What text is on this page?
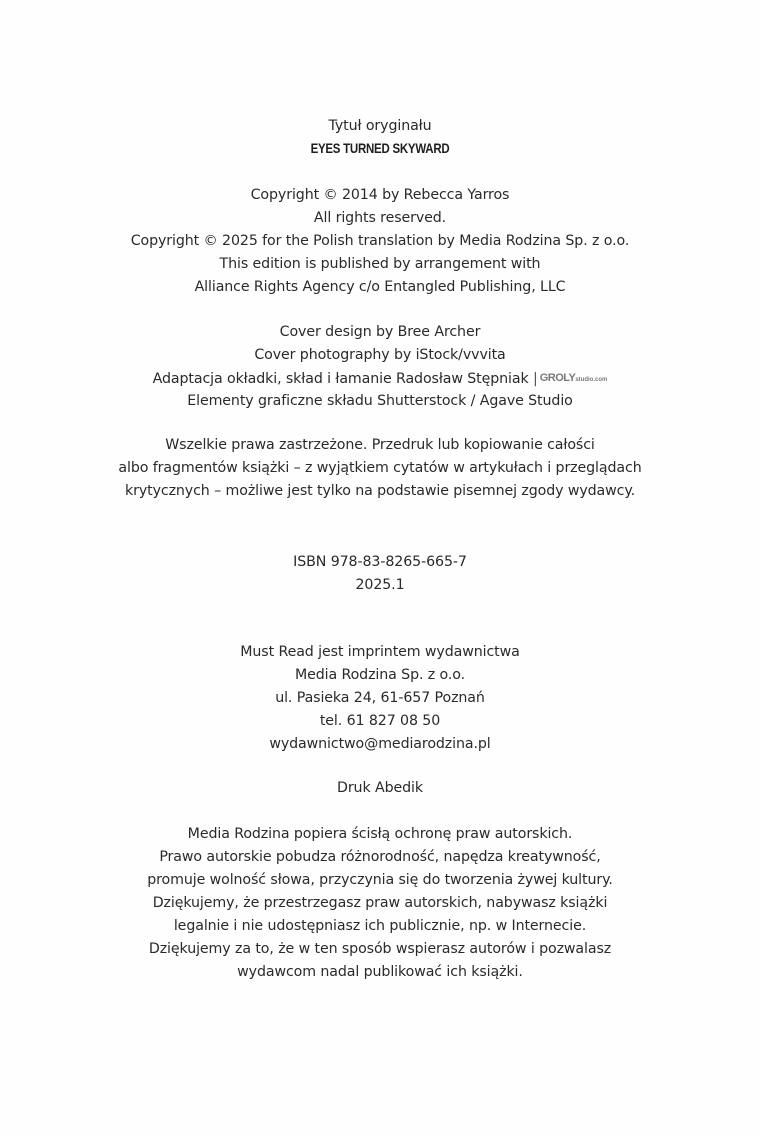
Tytuł oryginału
EYES TURNED SKYWARD
Copyright © 2014 by Rebecca Yarros
All rights reserved.
Copyright © 2025 for the Polish translation by Media Rodzina Sp. z o.o.
This edition is published by arrangement with
Alliance Rights Agency c/o Entangled Publishing, LLC
Cover design by Bree Archer
Cover photography by iStock/vvvita
Adaptacja okładki, skład i łamanie Radosław Stępniak | GROLYstudio.com
Elementy graficzne składu Shutterstock / Agave Studio
Wszelkie prawa zastrzeżone. Przedruk lub kopiowanie całości
albo fragmentów książki – z wyjątkiem cytatów w artykułach i przeglądach
krytycznych – możliwe jest tylko na podstawie pisemnej zgody wydawcy.
ISBN 978-83-8265-665-7
2025.1
Must Read jest imprintem wydawnictwa
Media Rodzina Sp. z o.o.
ul. Pasieka 24, 61-657 Poznań
tel. 61 827 08 50
wydawnictwo@mediarodzina.pl
Druk Abedik
Media Rodzina popiera ścisłą ochronę praw autorskich.
Prawo autorskie pobudza różnorodność, napędza kreatywność,
promuje wolność słowa, przyczynia się do tworzenia żywej kultury.
Dziękujemy, że przestrzegasz praw autorskich, nabywasz książki
legalnie i nie udostępniasz ich publicznie, np. w Internecie.
Dziękujemy za to, że w ten sposób wspierasz autorów i pozwalasz
wydawcom nadal publikować ich książki.
